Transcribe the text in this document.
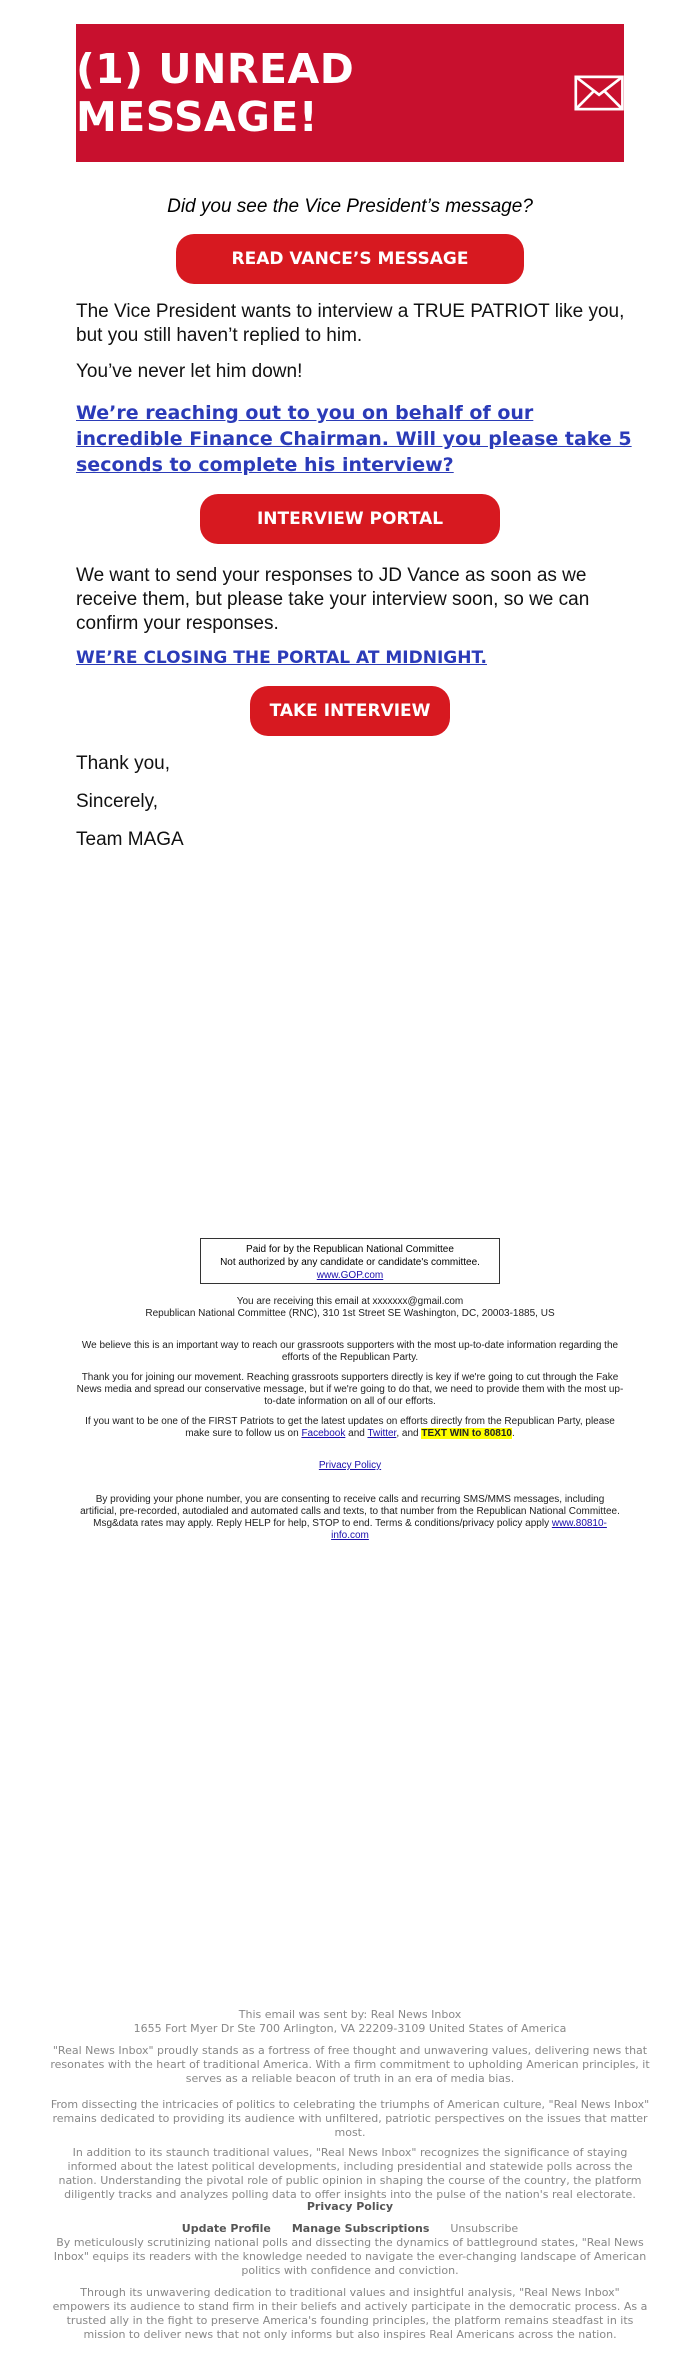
(1) UNREAD MESSAGE!
Did you see the Vice President’s message?
READ VANCE’S MESSAGE
The Vice President wants to interview a TRUE PATRIOT like you, but you still haven’t replied to him.
You’ve never let him down!
We’re reaching out to you on behalf of our incredible Finance Chairman. Will you please take 5 seconds to complete his interview?
INTERVIEW PORTAL
We want to send your responses to JD Vance as soon as we receive them, but please take your interview soon, so we can confirm your responses.
WE’RE CLOSING THE PORTAL AT MIDNIGHT.
TAKE INTERVIEW
Thank you,
Sincerely,
Team MAGA
Paid for by the Republican National Committee
Not authorized by any candidate or candidate's committee.
www.GOP.com
You are receiving this email at xxxxxxx@gmail.com
Republican National Committee (RNC), 310 1st Street SE Washington, DC, 20003-1885, US
We believe this is an important way to reach our grassroots supporters with the most up-to-date information regarding the efforts of the Republican Party.
Thank you for joining our movement. Reaching grassroots supporters directly is key if we're going to cut through the Fake News media and spread our conservative message, but if we're going to do that, we need to provide them with the most up-to-date information on all of our efforts.
If you want to be one of the FIRST Patriots to get the latest updates on efforts directly from the Republican Party, please make sure to follow us on Facebook and Twitter, and TEXT WIN to 80810.
Privacy Policy
By providing your phone number, you are consenting to receive calls and recurring SMS/MMS messages, including artificial, pre-recorded, autodialed and automated calls and texts, to that number from the Republican National Committee. Msg&data rates may apply. Reply HELP for help, STOP to end. Terms & conditions/privacy policy apply www.80810-info.com
This email was sent by: Real News Inbox
1655 Fort Myer Dr Ste 700 Arlington, VA 22209-3109 United States of America
"Real News Inbox" proudly stands as a fortress of free thought and unwavering values, delivering news that resonates with the heart of traditional America. With a firm commitment to upholding American principles, it serves as a reliable beacon of truth in an era of media bias.
From dissecting the intricacies of politics to celebrating the triumphs of American culture, "Real News Inbox" remains dedicated to providing its audience with unfiltered, patriotic perspectives on the issues that matter most.
In addition to its staunch traditional values, "Real News Inbox" recognizes the significance of staying informed about the latest political developments, including presidential and statewide polls across the nation. Understanding the pivotal role of public opinion in shaping the course of the country, the platform diligently tracks and analyzes polling data to offer insights into the pulse of the nation's real electorate.
Privacy Policy
Update Profile Manage Subscriptions Unsubscribe
By meticulously scrutinizing national polls and dissecting the dynamics of battleground states, "Real News Inbox" equips its readers with the knowledge needed to navigate the ever-changing landscape of American politics with confidence and conviction.
Through its unwavering dedication to traditional values and insightful analysis, "Real News Inbox" empowers its audience to stand firm in their beliefs and actively participate in the democratic process. As a trusted ally in the fight to preserve America's founding principles, the platform remains steadfast in its mission to deliver news that not only informs but also inspires Real Americans across the nation.
